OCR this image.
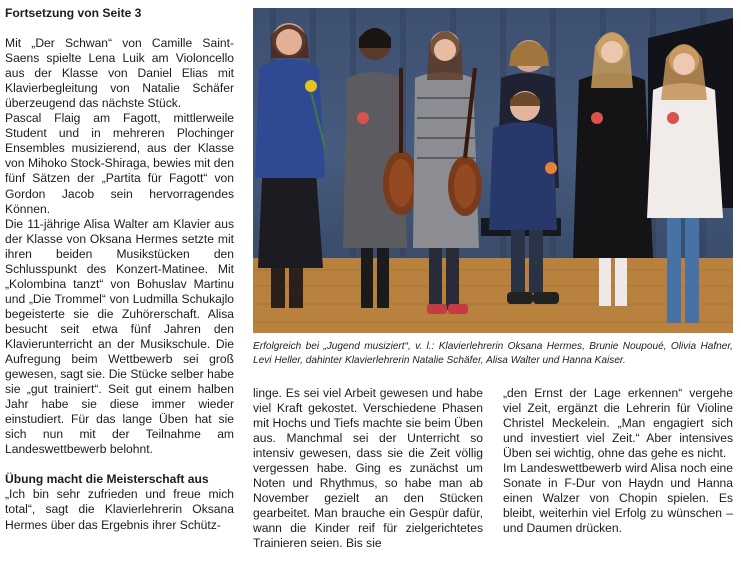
Fortsetzung von Seite 3

Mit „Der Schwan“ von Camille Saint-Saens spielte Lena Luik am Violoncello aus der Klasse von Daniel Elias mit Klavierbegleitung von Natalie Schäfer überzeugend das nächste Stück.

Pascal Flaig am Fagott, mittlerweile Student und in mehreren Plochinger Ensembles musizierend, aus der Klasse von Mihoko Stock-Shiraga, bewies mit den fünf Sätzen der „Partita für Fagott“ von Gordon Jacob sein hervorragendes Können.

Die 11-jährige Alisa Walter am Klavier aus der Klasse von Oksana Hermes setzte mit ihren beiden Musikstücken den Schlusspunkt des Konzert-Matinee. Mit „Kolombina tanzt“ von Bohuslav Martinu und „Die Trommel“ von Ludmilla Schukajlo begeisterte sie die Zuhörerschaft. Alisa besucht seit etwa fünf Jahren den Klavierunterricht an der Musikschule. Die Aufregung beim Wettbewerb sei groß gewesen, sagt sie. Die Stücke selber habe sie „gut trainiert“. Seit gut einem halben Jahr habe sie diese immer wieder einstudiert. Für das lange Üben hat sie sich nun mit der Teilnahme am Landeswettbewerb belohnt.

Übung macht die Meisterschaft aus

„Ich bin sehr zufrieden und freue mich total“, sagt die Klavierlehrerin Oksana Hermes über das Ergebnis ihrer Schütz-

Erfolgreich bei „Jugend musiziert“, v. l.: Klavierlehrerin Oksana Hermes, Brunie Noupoué, Olivia Hafner, Levi Heller, dahinter Klavierlehrerin Natalie Schäfer, Alisa Walter und Hanna Kaiser.

linge. Es sei viel Arbeit gewesen und habe viel Kraft gekostet. Verschiedene Phasen mit Hochs und Tiefs machte sie beim Üben aus. Manchmal sei der Unterricht so intensiv gewesen, dass sie die Zeit völlig vergessen habe. Ging es zunächst um Noten und Rhythmus, so habe man ab November gezielt an den Stücken gearbeitet. Man brauche ein Gespür dafür, wann die Kinder reif für zielgerichtetes Trainieren seien. Bis sie

„den Ernst der Lage erkennen“ vergehe viel Zeit, ergänzt die Lehrerin für Violine Christel Meckelein. „Man engagiert sich und investiert viel Zeit.“ Aber intensives Üben sei wichtig, ohne das gehe es nicht.

Im Landeswettbewerb wird Alisa noch eine Sonate in F-Dur von Haydn und Hanna einen Walzer von Chopin spielen. Es bleibt, weiterhin viel Erfolg zu wünschen – und Daumen drücken.
